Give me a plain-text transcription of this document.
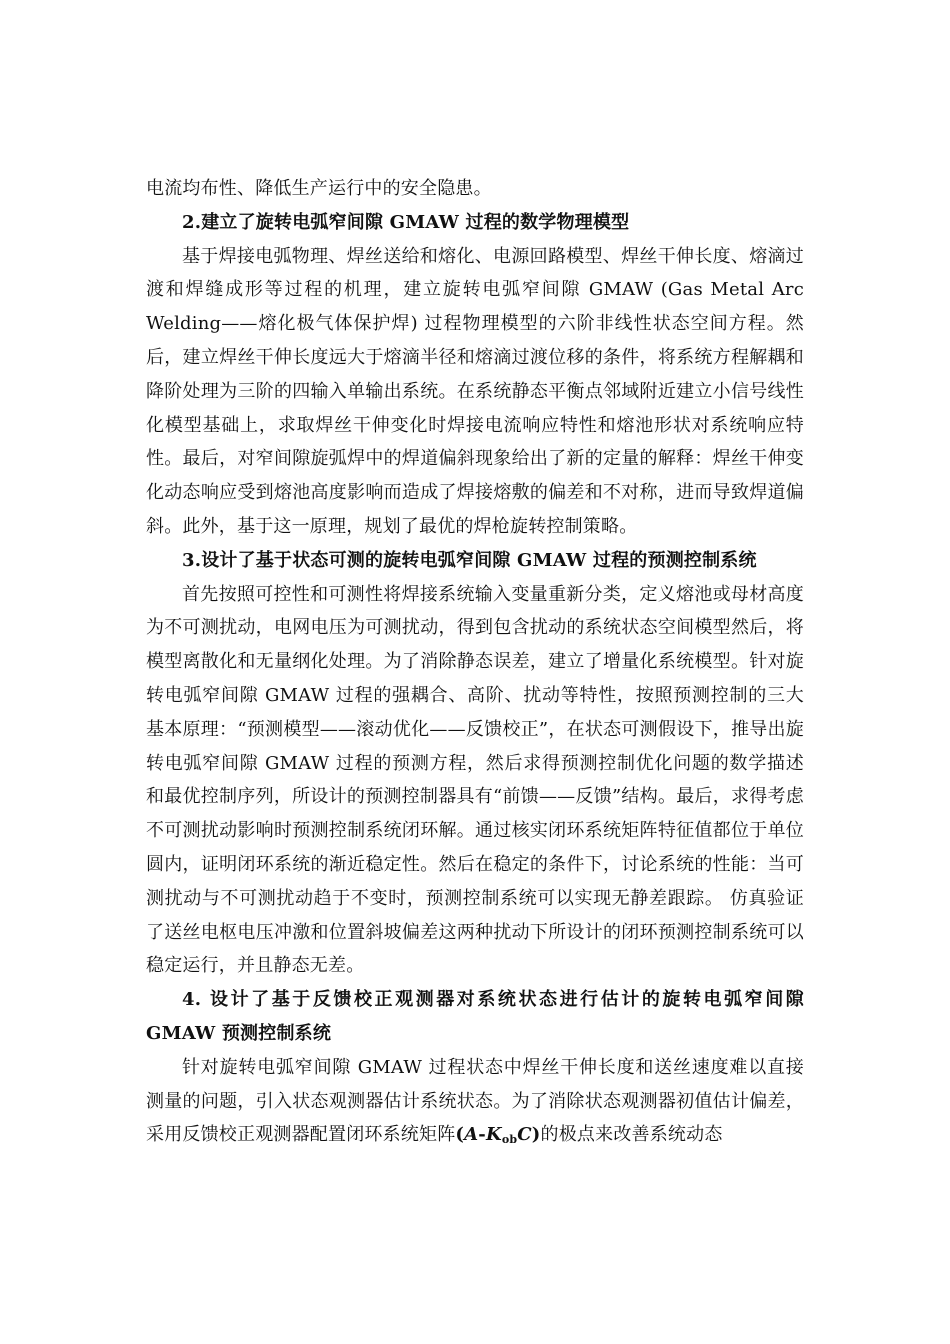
电流均布性、降低生产运行中的安全隐患。

2.建立了旋转电弧窄间隙 GMAW 过程的数学物理模型

基于焊接电弧物理、焊丝送给和熔化、电源回路模型、焊丝干伸长度、熔滴过渡和焊缝成形等过程的机理，建立旋转电弧窄间隙 GMAW (Gas Metal Arc Welding——熔化极气体保护焊) 过程物理模型的六阶非线性状态空间方程。然后，建立焊丝干伸长度远大于熔滴半径和熔滴过渡位移的条件，将系统方程解耦和降阶处理为三阶的四输入单输出系统。在系统静态平衡点邻域附近建立小信号线性化模型基础上，求取焊丝干伸变化时焊接电流响应特性和熔池形状对系统响应特性。最后，对窄间隙旋弧焊中的焊道偏斜现象给出了新的定量的解释：焊丝干伸变化动态响应受到熔池高度影响而造成了焊接熔敷的偏差和不对称，进而导致焊道偏斜。此外，基于这一原理，规划了最优的焊枪旋转控制策略。

3.设计了基于状态可测的旋转电弧窄间隙 GMAW 过程的预测控制系统

首先按照可控性和可测性将焊接系统输入变量重新分类，定义熔池或母材高度为不可测扰动，电网电压为可测扰动，得到包含扰动的系统状态空间模型然后，将模型离散化和无量纲化处理。为了消除静态误差，建立了增量化系统模型。针对旋转电弧窄间隙 GMAW 过程的强耦合、高阶、扰动等特性，按照预测控制的三大基本原理：“预测模型——滚动优化——反馈校正”，在状态可测假设下，推导出旋转电弧窄间隙 GMAW 过程的预测方程，然后求得预测控制优化问题的数学描述和最优控制序列，所设计的预测控制器具有“前馈——反馈”结构。最后，求得考虑不可测扰动影响时预测控制系统闭环解。通过核实闭环系统矩阵特征值都位于单位圆内，证明闭环系统的渐近稳定性。然后在稳定的条件下，讨论系统的性能：当可测扰动与不可测扰动趋于不变时，预测控制系统可以实现无静差跟踪。 仿真验证了送丝电枢电压冲激和位置斜坡偏差这两种扰动下所设计的闭环预测控制系统可以稳定运行，并且静态无差。

4. 设计了基于反馈校正观测器对系统状态进行估计的旋转电弧窄间隙 GMAW 预测控制系统

针对旋转电弧窄间隙 GMAW 过程状态中焊丝干伸长度和送丝速度难以直接测量的问题，引入状态观测器估计系统状态。为了消除状态观测器初值估计偏差，采用反馈校正观测器配置闭环系统矩阵$(A-K_{ob}C)$的极点来改善系统动态
